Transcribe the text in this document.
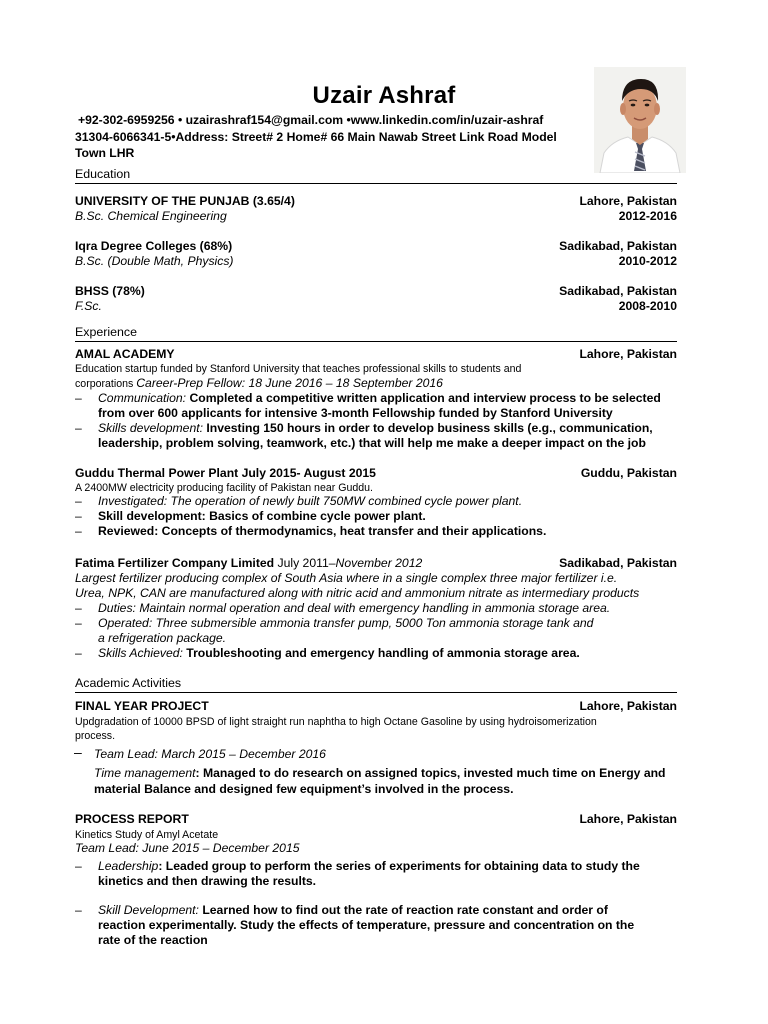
Uzair Ashraf
+92-302-6959256 • uzairashraf154@gmail.com •www.linkedin.com/in/uzair-ashraf
31304-6066341-5•Address: Street# 2 Home# 66 Main Nawab Street Link Road Model
Town LHR
Education
UNIVERSITY OF THE PUNJAB (3.65/4)	Lahore, Pakistan
B.Sc. Chemical Engineering	2012-2016
Iqra Degree Colleges (68%)	Sadikabad, Pakistan
B.Sc. (Double Math, Physics)	2010-2012
BHSS (78%)	Sadikabad, Pakistan
F.Sc.	2008-2010
Experience
AMAL ACADEMY	Lahore, Pakistan
Education startup funded by Stanford University that teaches professional skills to students and
corporations Career-Prep Fellow: 18 June 2016 – 18 September 2016
– Communication: Completed a competitive written application and interview process to be selected
from over 600 applicants for intensive 3-month Fellowship funded by Stanford University
– Skills development: Investing 150 hours in order to develop business skills (e.g., communication,
leadership, problem solving, teamwork, etc.) that will help me make a deeper impact on the job
Guddu Thermal Power Plant July 2015- August 2015	Guddu, Pakistan
A 2400MW electricity producing facility of Pakistan near Guddu.
– Investigated: The operation of newly built 750MW combined cycle power plant.
– Skill development: Basics of combine cycle power plant.
– Reviewed: Concepts of thermodynamics, heat transfer and their applications.
Fatima Fertilizer Company Limited July 2011–November 2012	Sadikabad, Pakistan
Largest fertilizer producing complex of South Asia where in a single complex three major fertilizer i.e.
Urea, NPK, CAN are manufactured along with nitric acid and ammonium nitrate as intermediary products
– Duties: Maintain normal operation and deal with emergency handling in ammonia storage area.
– Operated: Three submersible ammonia transfer pump, 5000 Ton ammonia storage tank and
a refrigeration package.
– Skills Achieved: Troubleshooting and emergency handling of ammonia storage area.
Academic Activities
FINAL YEAR PROJECT	Lahore, Pakistan
Updgradation of 10000 BPSD of light straight run naphtha to high Octane Gasoline by using hydroisomerization
process.
– Team Lead: March 2015 – December 2016
Time management: Managed to do research on assigned topics, invested much time on Energy and
material Balance and designed few equipment’s involved in the process.
PROCESS REPORT	Lahore, Pakistan
Kinetics Study of Amyl Acetate
Team Lead: June 2015 – December 2015
– Leadership: Leaded group to perform the series of experiments for obtaining data to study the
kinetics and then drawing the results.
– Skill Development: Learned how to find out the rate of reaction rate constant and order of
reaction experimentally. Study the effects of temperature, pressure and concentration on the
rate of the reaction
